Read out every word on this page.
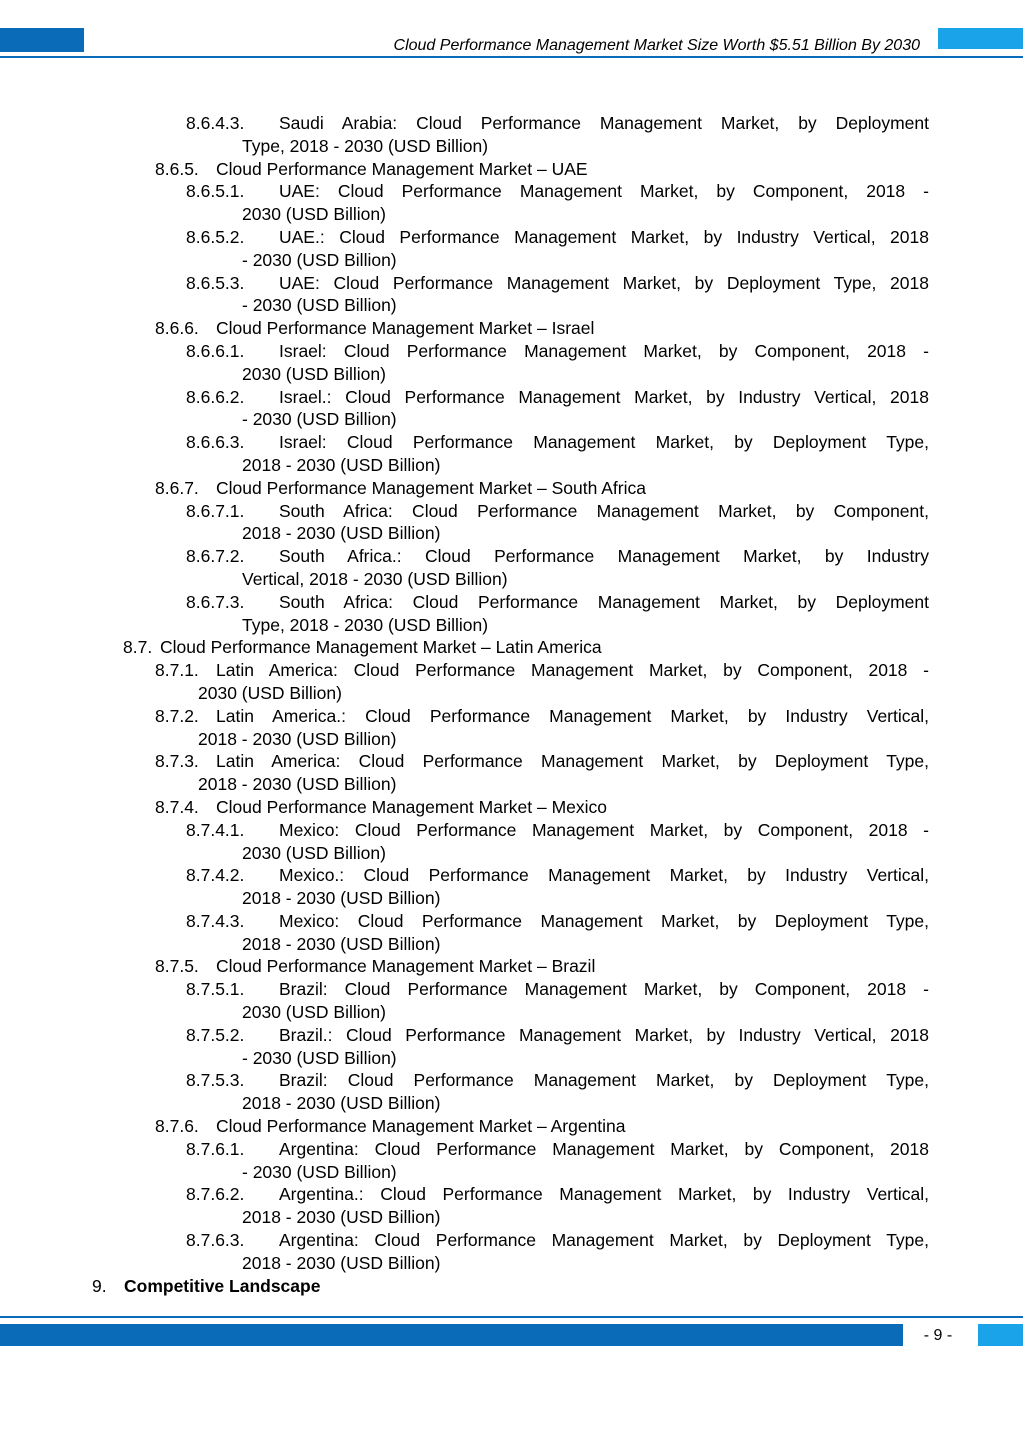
Cloud Performance Management Market Size Worth $5.51 Billion By 2030
8.6.4.3. Saudi Arabia: Cloud Performance Management Market, by Deployment
Type, 2018 - 2030 (USD Billion)
8.6.5. Cloud Performance Management Market – UAE
8.6.5.1. UAE: Cloud Performance Management Market, by Component, 2018 -
2030 (USD Billion)
8.6.5.2. UAE.: Cloud Performance Management Market, by Industry Vertical, 2018
- 2030 (USD Billion)
8.6.5.3. UAE: Cloud Performance Management Market, by Deployment Type, 2018
- 2030 (USD Billion)
8.6.6. Cloud Performance Management Market – Israel
8.6.6.1. Israel: Cloud Performance Management Market, by Component, 2018 -
2030 (USD Billion)
8.6.6.2. Israel.: Cloud Performance Management Market, by Industry Vertical, 2018
- 2030 (USD Billion)
8.6.6.3. Israel: Cloud Performance Management Market, by Deployment Type,
2018 - 2030 (USD Billion)
8.6.7. Cloud Performance Management Market – South Africa
8.6.7.1. South Africa: Cloud Performance Management Market, by Component,
2018 - 2030 (USD Billion)
8.6.7.2. South Africa.: Cloud Performance Management Market, by Industry
Vertical, 2018 - 2030 (USD Billion)
8.6.7.3. South Africa: Cloud Performance Management Market, by Deployment
Type, 2018 - 2030 (USD Billion)
8.7. Cloud Performance Management Market – Latin America
8.7.1. Latin America: Cloud Performance Management Market, by Component, 2018 -
2030 (USD Billion)
8.7.2. Latin America.: Cloud Performance Management Market, by Industry Vertical,
2018 - 2030 (USD Billion)
8.7.3. Latin America: Cloud Performance Management Market, by Deployment Type,
2018 - 2030 (USD Billion)
8.7.4. Cloud Performance Management Market – Mexico
8.7.4.1. Mexico: Cloud Performance Management Market, by Component, 2018 -
2030 (USD Billion)
8.7.4.2. Mexico.: Cloud Performance Management Market, by Industry Vertical,
2018 - 2030 (USD Billion)
8.7.4.3. Mexico: Cloud Performance Management Market, by Deployment Type,
2018 - 2030 (USD Billion)
8.7.5. Cloud Performance Management Market – Brazil
8.7.5.1. Brazil: Cloud Performance Management Market, by Component, 2018 -
2030 (USD Billion)
8.7.5.2. Brazil.: Cloud Performance Management Market, by Industry Vertical, 2018
- 2030 (USD Billion)
8.7.5.3. Brazil: Cloud Performance Management Market, by Deployment Type,
2018 - 2030 (USD Billion)
8.7.6. Cloud Performance Management Market – Argentina
8.7.6.1. Argentina: Cloud Performance Management Market, by Component, 2018
- 2030 (USD Billion)
8.7.6.2. Argentina.: Cloud Performance Management Market, by Industry Vertical,
2018 - 2030 (USD Billion)
8.7.6.3. Argentina: Cloud Performance Management Market, by Deployment Type,
2018 - 2030 (USD Billion)
9. Competitive Landscape
- 9 -
